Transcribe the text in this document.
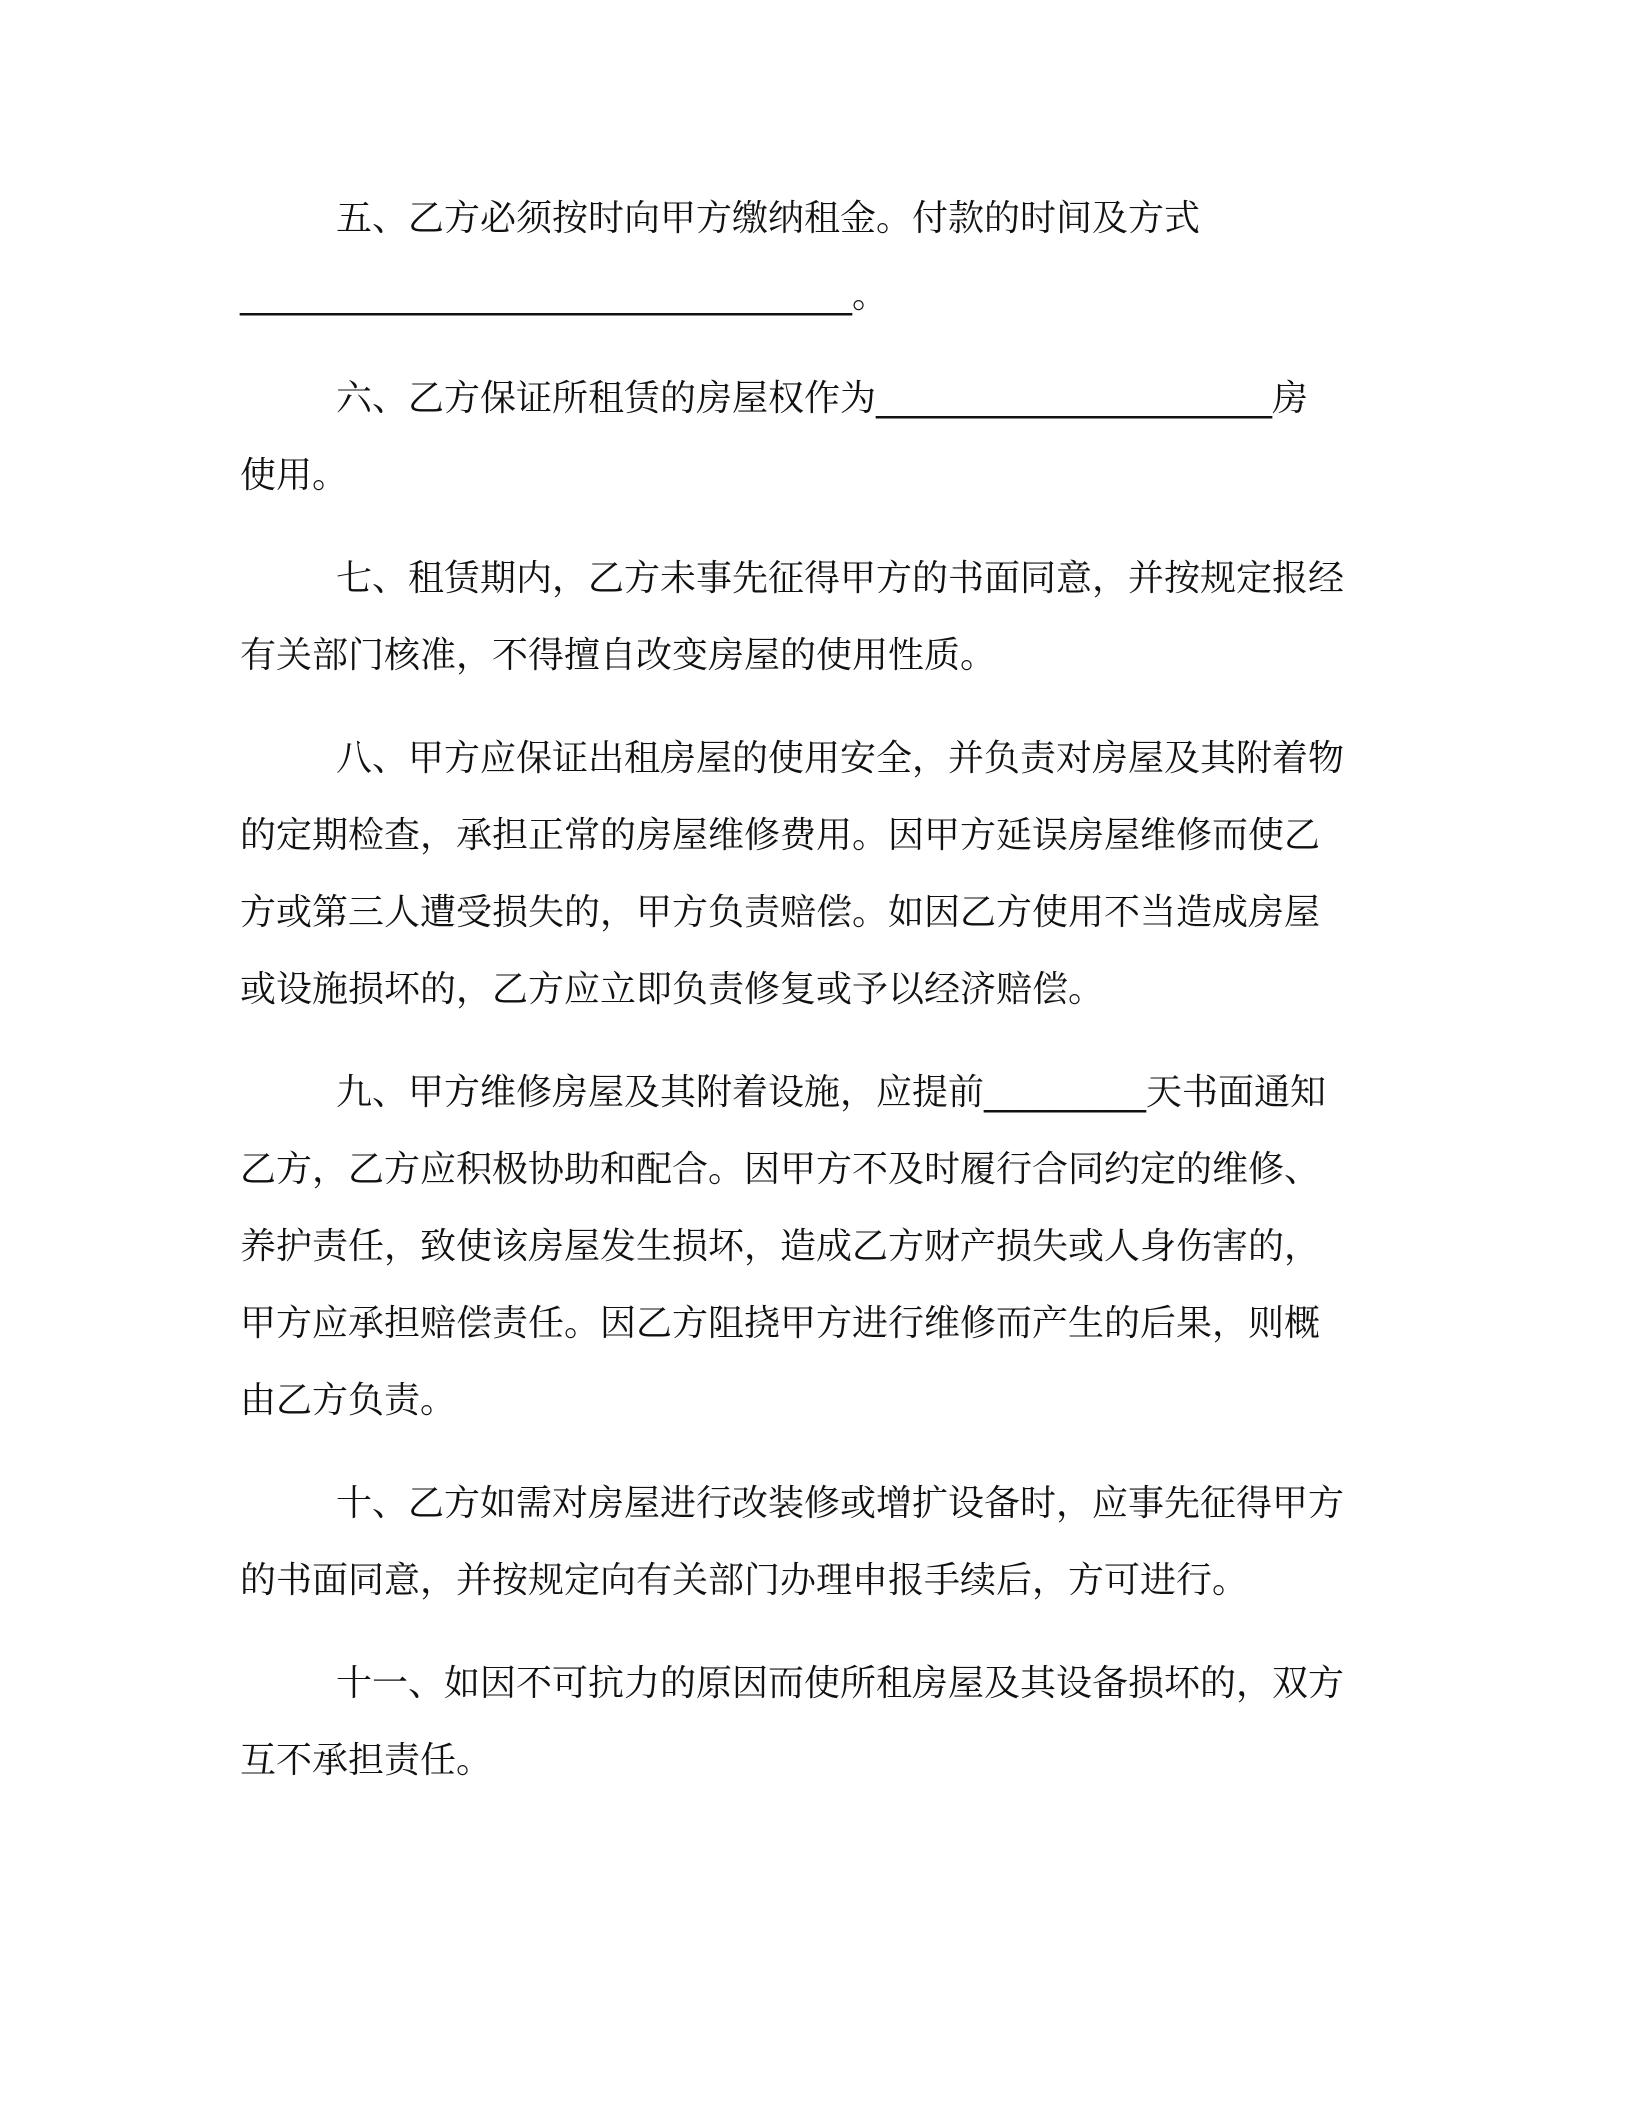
五、乙方必须按时向甲方缴纳租金。付款的时间及方式
__________________________________。
六、乙方保证所租赁的房屋权作为______________________房
使用。
七、租赁期内，乙方未事先征得甲方的书面同意，并按规定报经
有关部门核准，不得擅自改变房屋的使用性质。
八、甲方应保证出租房屋的使用安全，并负责对房屋及其附着物
的定期检查，承担正常的房屋维修费用。因甲方延误房屋维修而使乙
方或第三人遭受损失的，甲方负责赔偿。如因乙方使用不当造成房屋
或设施损坏的，乙方应立即负责修复或予以经济赔偿。
九、甲方维修房屋及其附着设施，应提前_________天书面通知
乙方，乙方应积极协助和配合。因甲方不及时履行合同约定的维修、
养护责任，致使该房屋发生损坏，造成乙方财产损失或人身伤害的，
甲方应承担赔偿责任。因乙方阻挠甲方进行维修而产生的后果，则概
由乙方负责。
十、乙方如需对房屋进行改装修或增扩设备时，应事先征得甲方
的书面同意，并按规定向有关部门办理申报手续后，方可进行。
十一、如因不可抗力的原因而使所租房屋及其设备损坏的，双方
互不承担责任。
